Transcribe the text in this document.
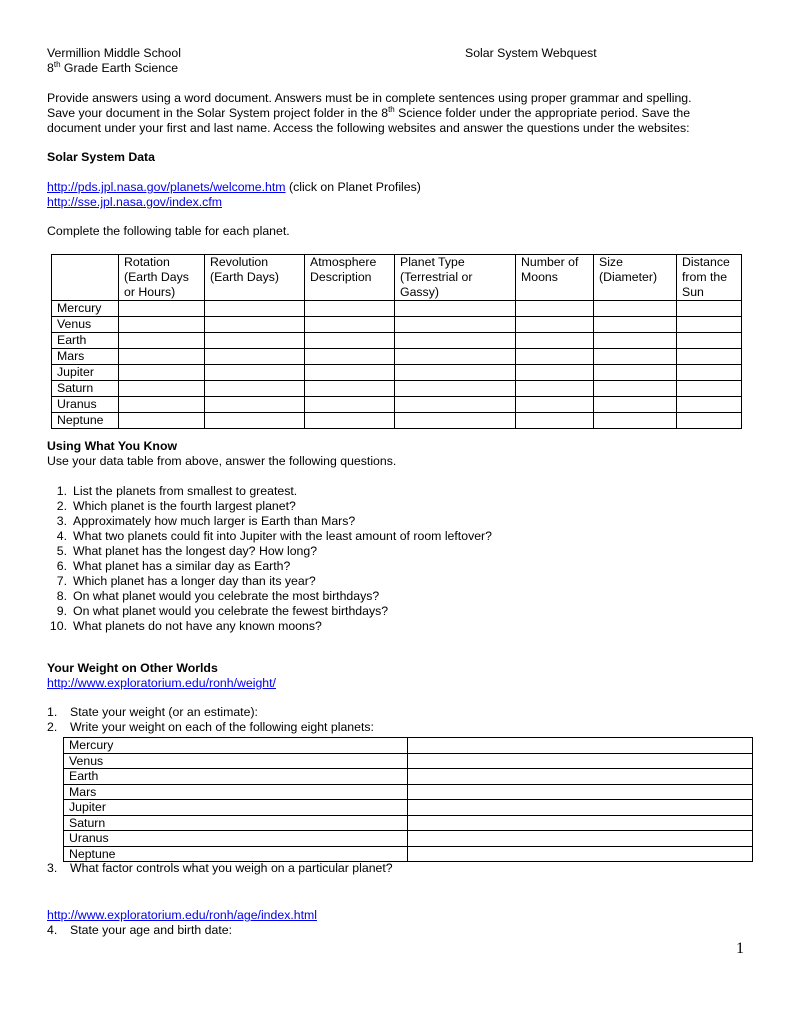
Vermillion Middle School	Solar System Webquest
8th Grade Earth Science

Provide answers using a word document. Answers must be in complete sentences using proper grammar and spelling.

Save your document in the Solar System project folder in the 8th Science folder under the appropriate period. Save the

document under your first and last name. Access the following websites and answer the questions under the websites:

Solar System Data
http://pds.jpl.nasa.gov/planets/welcome.htm (click on Planet Profiles)
http://sse.jpl.nasa.gov/index.cfm
Complete the following table for each planet.
	Rotation (Earth Days or Hours)	Revolution (Earth Days)	Atmosphere Description	Planet Type (Terrestrial or Gassy)	Number of Moons	Size (Diameter)	Distance from the Sun
Mercury							
Venus							
Earth							
Mars							
Jupiter							
Saturn							
Uranus							
Neptune							
Using What You Know
Use your data table from above, answer the following questions.
1. List the planets from smallest to greatest.
2. Which planet is the fourth largest planet?
3. Approximately how much larger is Earth than Mars?
4. What two planets could fit into Jupiter with the least amount of room leftover?
5. What planet has the longest day? How long?
6. What planet has a similar day as Earth?
7. Which planet has a longer day than its year?
8. On what planet would you celebrate the most birthdays?
9. On what planet would you celebrate the fewest birthdays?
10. What planets do not have any known moons?
Your Weight on Other Worlds
http://www.exploratorium.edu/ronh/weight/
1. State your weight (or an estimate):
2. Write your weight on each of the following eight planets:
Mercury	
Venus	
Earth	
Mars	
Jupiter	
Saturn	
Uranus	
Neptune	
3. What factor controls what you weigh on a particular planet?
http://www.exploratorium.edu/ronh/age/index.html
4. State your age and birth date:
1
